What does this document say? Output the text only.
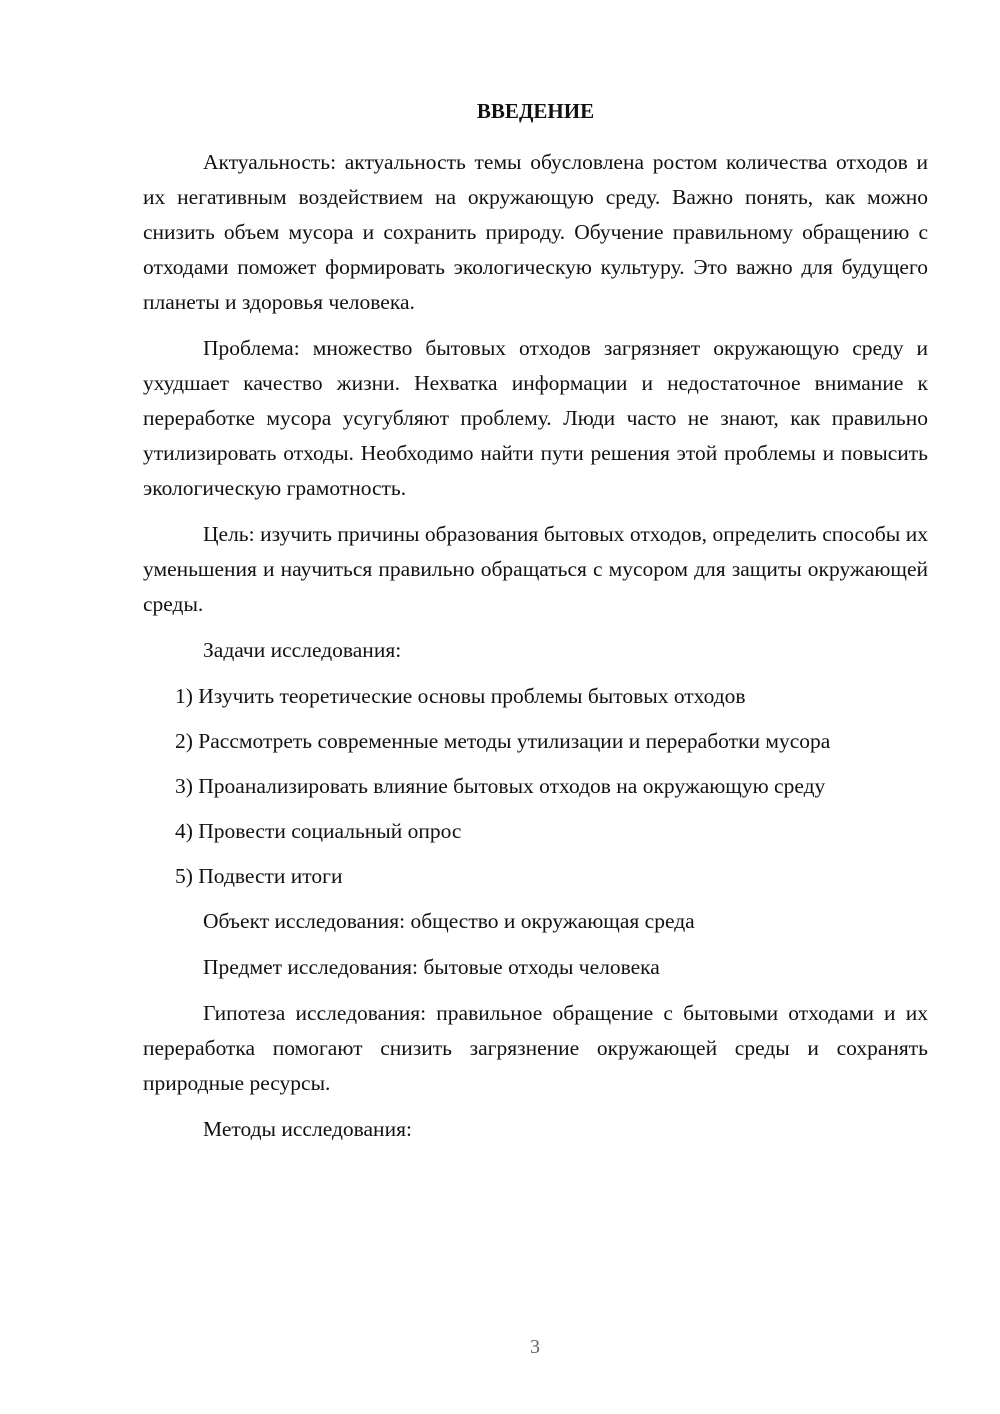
ВВЕДЕНИЕ

Актуальность: актуальность темы обусловлена ростом количества отходов и их негативным воздействием на окружающую среду. Важно понять, как можно снизить объем мусора и сохранить природу. Обучение правильному обращению с отходами поможет формировать экологическую культуру. Это важно для будущего планеты и здоровья человека.

Проблема: множество бытовых отходов загрязняет окружающую среду и ухудшает качество жизни. Нехватка информации и недостаточное внимание к переработке мусора усугубляют проблему. Люди часто не знают, как правильно утилизировать отходы. Необходимо найти пути решения этой проблемы и повысить экологическую грамотность.

Цель: изучить причины образования бытовых отходов, определить способы их уменьшения и научиться правильно обращаться с мусором для защиты окружающей среды.

Задачи исследования:

1) Изучить теоретические основы проблемы бытовых отходов

2) Рассмотреть современные методы утилизации и переработки мусора

3) Проанализировать влияние бытовых отходов на окружающую среду

4) Провести социальный опрос

5) Подвести итоги

Объект исследования: общество и окружающая среда

Предмет исследования: бытовые отходы человека

Гипотеза исследования: правильное обращение с бытовыми отходами и их переработка помогают снизить загрязнение окружающей среды и сохранять природные ресурсы.

Методы исследования:

3
